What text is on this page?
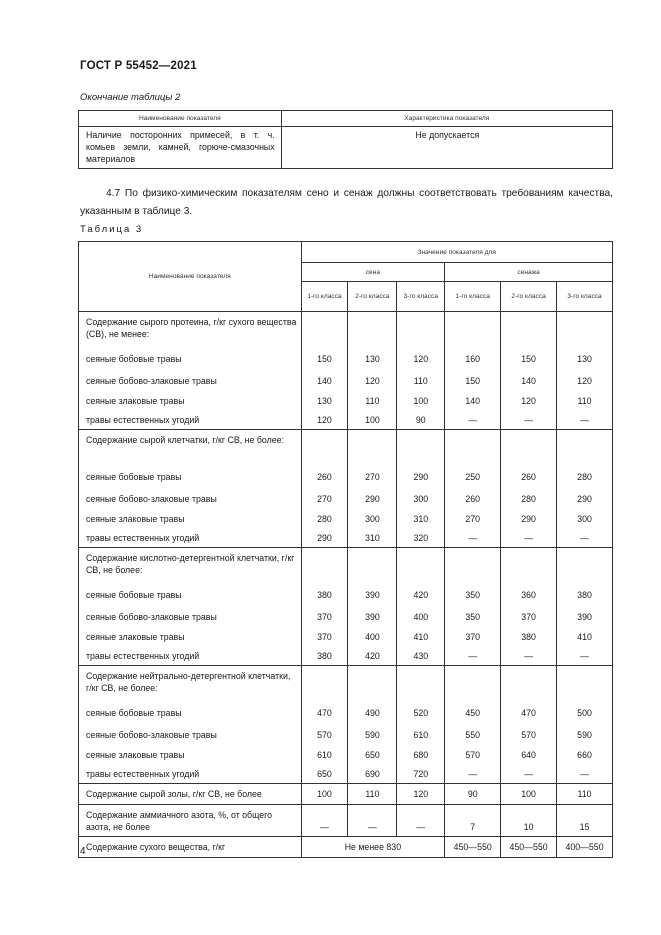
ГОСТ Р 55452—2021
Окончание таблицы 2
Наименование показателя	Характеристика показателя
Наличие посторонних примесей, в т. ч. комьев земли, камней, горюче-смазочных материалов	Не допускается
4.7 По физико-химическим показателям сено и сенаж должны соответствовать требованиям качества, указанным в таблице 3.
Таблица 3
Наименование показателя	Значение показателя для					
	сена			сенажа		
	1-го класса	2-го класса	3-го класса	1-го класса	2-го класса	3-го класса
Содержание сырого протеина, г/кг сухого вещества (СВ), не менее:						
сеяные бобовые травы	150	130	120	160	150	130
сеяные бобово-злаковые травы	140	120	110	150	140	120
сеяные злаковые травы	130	110	100	140	120	110
травы естественных угодий	120	100	90	—	—	—
Содержание сырой клетчатки, г/кг СВ, не более:						
сеяные бобовые травы	260	270	290	250	260	280
сеяные бобово-злаковые травы	270	290	300	260	280	290
сеяные злаковые травы	280	300	310	270	290	300
травы естественных угодий	290	310	320	—	—	—
Содержание кислотно-детергентной клетчатки, г/кг СВ, не более:						
сеяные бобовые травы	380	390	420	350	360	380
сеяные бобово-злаковые травы	370	390	400	350	370	390
сеяные злаковые травы	370	400	410	370	380	410
травы естественных угодий	380	420	430	—	—	—
Содержание нейтрально-детергентной клетчатки, г/кг СВ, не более:						
сеяные бобовые травы	470	490	520	450	470	500
сеяные бобово-злаковые травы	570	590	610	550	570	590
сеяные злаковые травы	610	650	680	570	640	660
травы естественных угодий	650	690	720	—	—	—
Содержание сырой золы, г/кг СВ, не более	100	110	120	90	100	110
Содержание аммиачного азота, %, от общего азота, не более	—	—	—	7	10	15
Содержание сухого вещества, г/кг	Не менее 830			450—550	450—550	400—550
4
